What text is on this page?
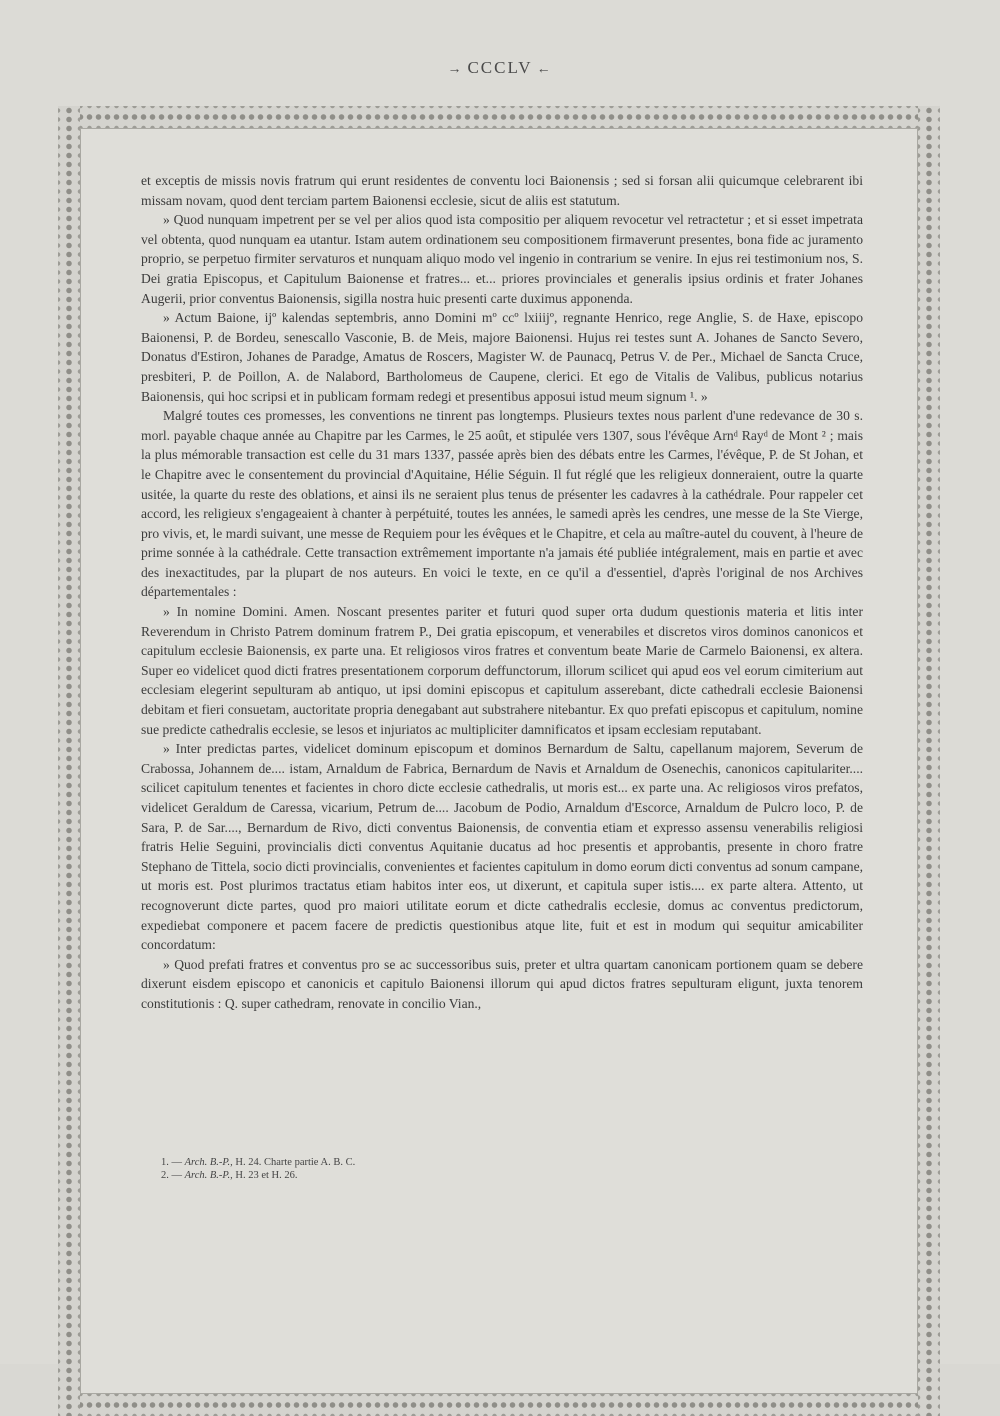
→ CCCLV ←

et exceptis de missis novis fratrum qui erunt residentes de conventu loci Baionensis ; sed si forsan alii quicumque celebrarent ibi missam novam, quod dent terciam partem Baionensi ecclesie, sicut de aliis est statutum.

» Quod nunquam impetrent per se vel per alios quod ista compositio per aliquem revocetur vel retractetur ; et si esset impetrata vel obtenta, quod nunquam ea utantur. Istam autem ordinationem seu compositionem firmaverunt presentes, bona fide ac juramento proprio, se perpetuo firmiter servaturos et nunquam aliquo modo vel ingenio in contrarium se venire. In ejus rei testimonium nos, S. Dei gratia Episcopus, et Capitulum Baionense et fratres... et... priores provinciales et generalis ipsius ordinis et frater Johanes Augerii, prior conventus Baionensis, sigilla nostra huic presenti carte duximus apponenda.

» Actum Baione, ijº kalendas septembris, anno Domini mº ccº lxiiijº, regnante Henrico, rege Anglie, S. de Haxe, episcopo Baionensi, P. de Bordeu, senescallo Vasconie, B. de Meis, majore Baionensi. Hujus rei testes sunt A. Johanes de Sancto Severo, Donatus d'Estiron, Johanes de Paradge, Amatus de Roscers, Magister W. de Paunacq, Petrus V. de Per., Michael de Sancta Cruce, presbiteri, P. de Poillon, A. de Nalabord, Bartholomeus de Caupene, clerici. Et ego de Vitalis de Valibus, publicus notarius Baionensis, qui hoc scripsi et in publicam formam redegi et presentibus apposui istud meum signum ¹. »

Malgré toutes ces promesses, les conventions ne tinrent pas longtemps. Plusieurs textes nous parlent d'une redevance de 30 s. morl. payable chaque année au Chapitre par les Carmes, le 25 août, et stipulée vers 1307, sous l'évêque Arnᵈ Rayᵈ de Mont ² ; mais la plus mémorable transaction est celle du 31 mars 1337, passée après bien des débats entre les Carmes, l'évêque, P. de St Johan, et le Chapitre avec le consentement du provincial d'Aquitaine, Hélie Séguin. Il fut réglé que les religieux donneraient, outre la quarte usitée, la quarte du reste des oblations, et ainsi ils ne seraient plus tenus de présenter les cadavres à la cathédrale. Pour rappeler cet accord, les religieux s'engageaient à chanter à perpétuité, toutes les années, le samedi après les cendres, une messe de la Ste Vierge, pro vivis, et, le mardi suivant, une messe de Requiem pour les évêques et le Chapitre, et cela au maître-autel du couvent, à l'heure de prime sonnée à la cathédrale. Cette transaction extrêmement importante n'a jamais été publiée intégralement, mais en partie et avec des inexactitudes, par la plupart de nos auteurs. En voici le texte, en ce qu'il a d'essentiel, d'après l'original de nos Archives départementales :

» In nomine Domini. Amen. Noscant presentes pariter et futuri quod super orta dudum questionis materia et litis inter Reverendum in Christo Patrem dominum fratrem P., Dei gratia episcopum, et venerabiles et discretos viros dominos canonicos et capitulum ecclesie Baionensis, ex parte una. Et religiosos viros fratres et conventum beate Marie de Carmelo Baionensi, ex altera. Super eo videlicet quod dicti fratres presentationem corporum deffunctorum, illorum scilicet qui apud eos vel eorum cimiterium aut ecclesiam elegerint sepulturam ab antiquo, ut ipsi domini episcopus et capitulum asserebant, dicte cathedrali ecclesie Baionensi debitam et fieri consuetam, auctoritate propria denegabant aut substrahere nitebantur. Ex quo prefati episcopus et capitulum, nomine sue predicte cathedralis ecclesie, se lesos et injuriatos ac multipliciter damnificatos et ipsam ecclesiam reputabant.

» Inter predictas partes, videlicet dominum episcopum et dominos Bernardum de Saltu, capellanum majorem, Severum de Crabossa, Johannem de.... istam, Arnaldum de Fabrica, Bernardum de Navis et Arnaldum de Osenechis, canonicos capitulariter.... scilicet capitulum tenentes et facientes in choro dicte ecclesie cathedralis, ut moris est... ex parte una. Ac religiosos viros prefatos, videlicet Geraldum de Caressa, vicarium, Petrum de.... Jacobum de Podio, Arnaldum d'Escorce, Arnaldum de Pulcro loco, P. de Sara, P. de Sar...., Bernardum de Rivo, dicti conventus Baionensis, de conventia etiam et expresso assensu venerabilis religiosi fratris Helie Seguini, provincialis dicti conventus Aquitanie ducatus ad hoc presentis et approbantis, presente in choro fratre Stephano de Tittela, socio dicti provincialis, convenientes et facientes capitulum in domo eorum dicti conventus ad sonum campane, ut moris est. Post plurimos tractatus etiam habitos inter eos, ut dixerunt, et capitula super istis.... ex parte altera. Attento, ut recognoverunt dicte partes, quod pro maiori utilitate eorum et dicte cathedralis ecclesie, domus ac conventus predictorum, expediebat componere et pacem facere de predictis questionibus atque lite, fuit et est in modum qui sequitur amicabiliter concordatum:

» Quod prefati fratres et conventus pro se ac successoribus suis, preter et ultra quartam canonicam portionem quam se debere dixerunt eisdem episcopo et canonicis et capitulo Baionensi illorum qui apud dictos fratres sepulturam eligunt, juxta tenorem constitutionis : Q. super cathedram, renovate in concilio Vian.,

1. — Arch. B.-P., H. 24. Charte partie A. B. C.
2. — Arch. B.-P., H. 23 et H. 26.
